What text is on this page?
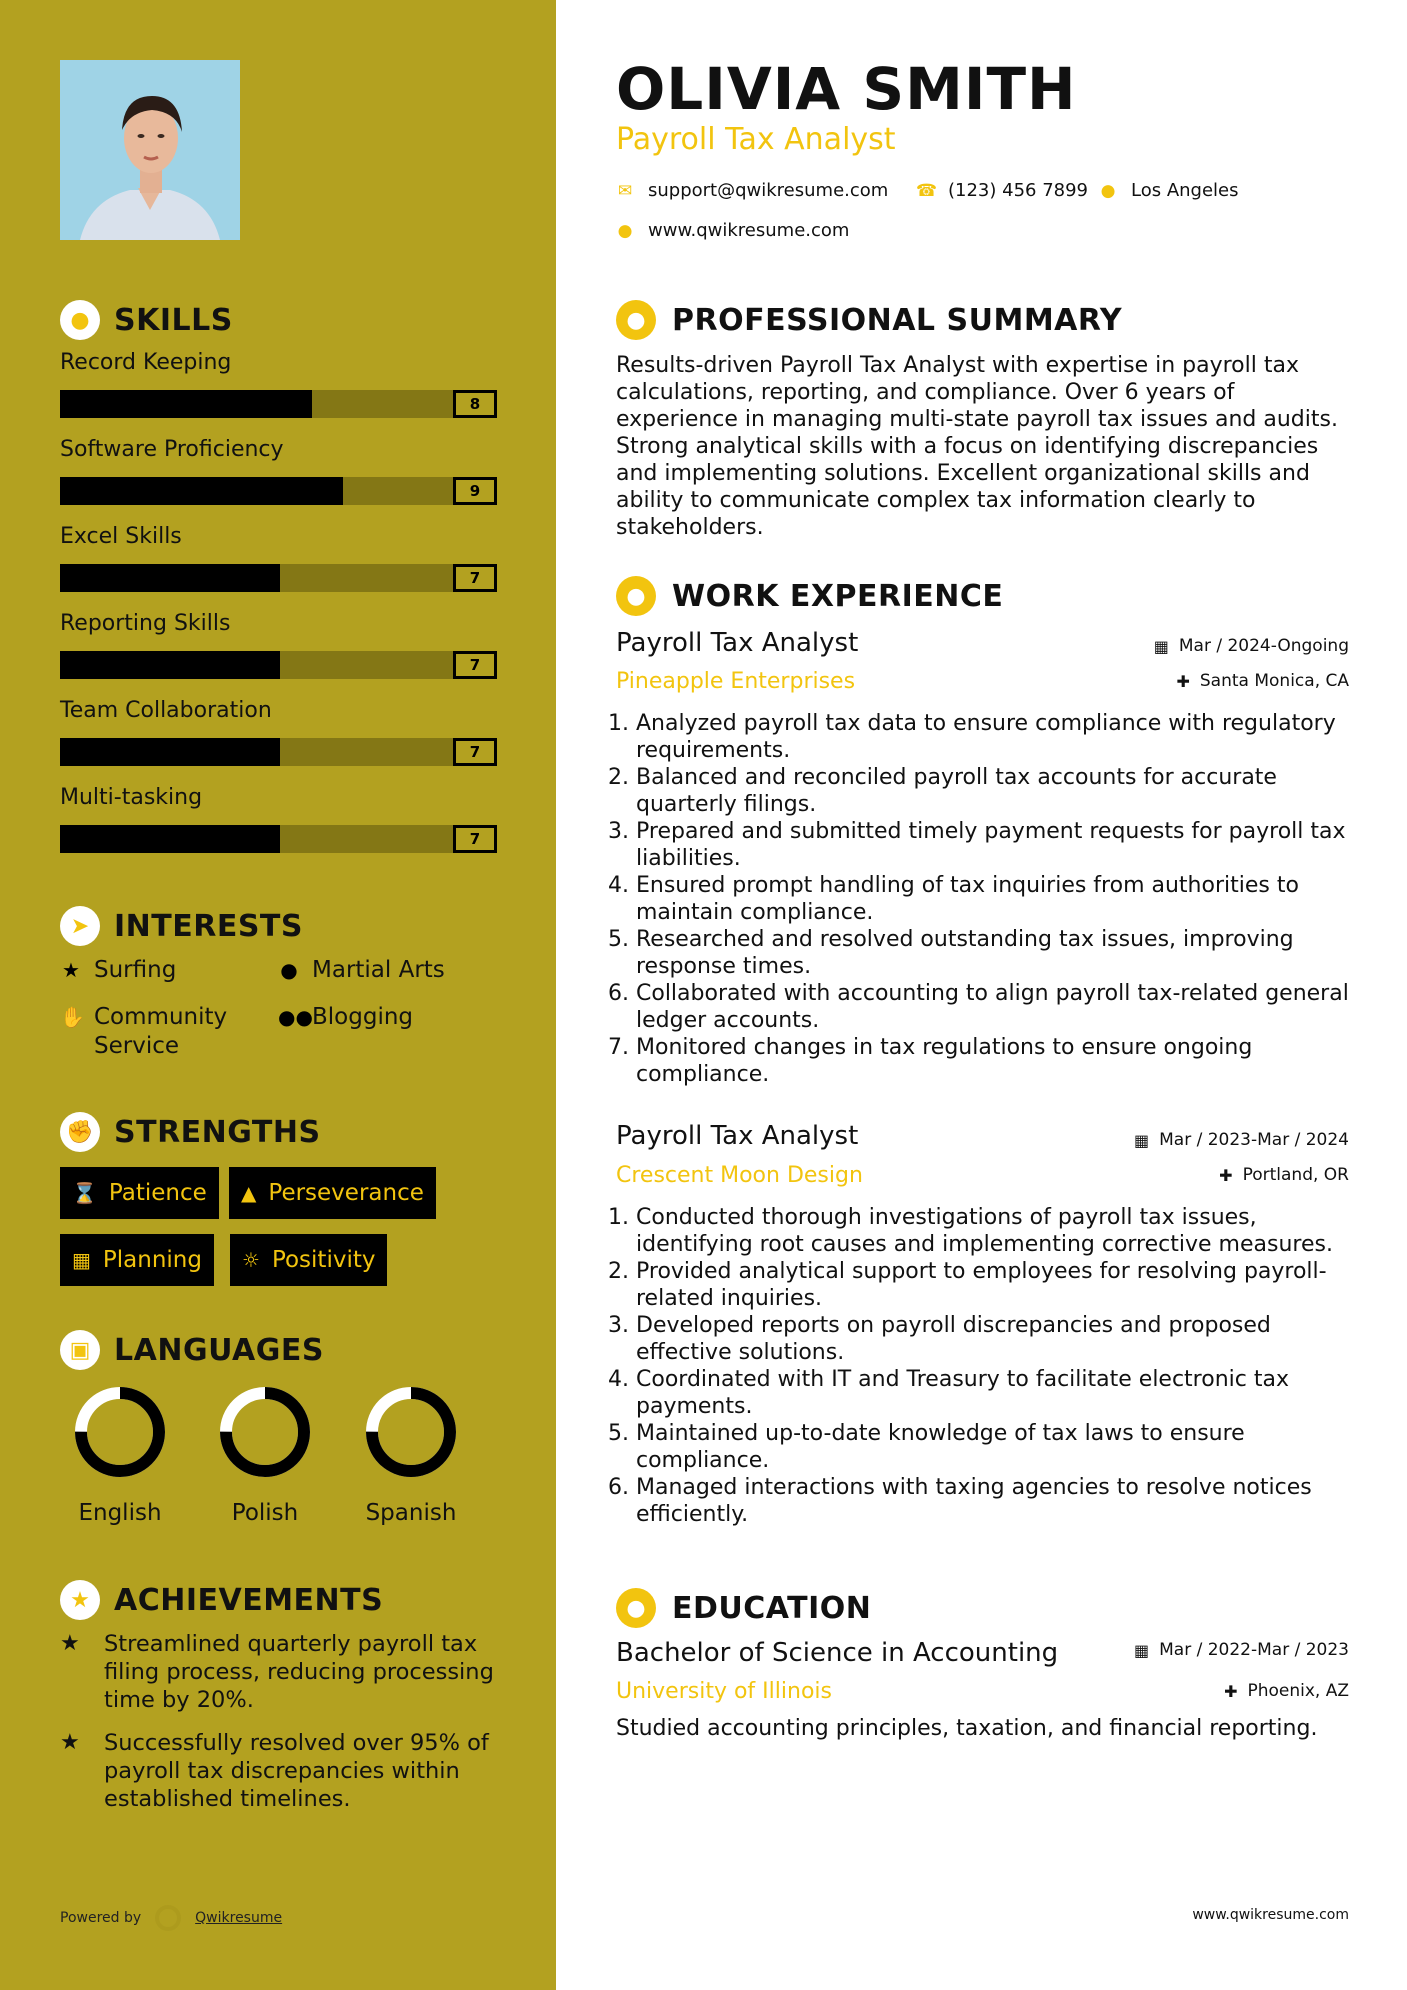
● SKILLS
Record Keeping
8
Software Proficiency
9
Excel Skills
7
Reporting Skills
7
Team Collaboration
7
Multi-tasking
7
➤ INTERESTS
★ Surfing	● Martial Arts
✋ Community Service
●● Blogging
✊ STRENGTHS
⌛ Patience ▲ Perseverance
▦ Planning ☼ Positivity
▣ LANGUAGES
English	Polish	Spanish
★ ACHIEVEMENTS
★	Streamlined quarterly payroll tax filing process, reducing processing time by 20%.
★	Successfully resolved over 95% of payroll tax discrepancies within established timelines.
Powered by	Qwikresume
OLIVIA SMITH
Payroll Tax Analyst
✉ support@qwikresume.com ☎ (123) 456 7899 ● Los Angeles
● www.qwikresume.com
● PROFESSIONAL SUMMARY
Results-driven Payroll Tax Analyst with expertise in payroll tax calculations, reporting, and compliance. Over 6 years of experience in managing multi-state payroll tax issues and audits. Strong analytical skills with a focus on identifying discrepancies and implementing solutions. Excellent organizational skills and ability to communicate complex tax information clearly to stakeholders.
● WORK EXPERIENCE
Payroll Tax Analyst
Pineapple Enterprises
▦ Mar / 2024-Ongoing
✚ Santa Monica, CA
1. Analyzed payroll tax data to ensure compliance with regulatory requirements.
2. Balanced and reconciled payroll tax accounts for accurate quarterly filings.
3. Prepared and submitted timely payment requests for payroll tax liabilities.
4. Ensured prompt handling of tax inquiries from authorities to maintain compliance.
5. Researched and resolved outstanding tax issues, improving response times.
6. Collaborated with accounting to align payroll tax-related general ledger accounts.
7. Monitored changes in tax regulations to ensure ongoing compliance.
Payroll Tax Analyst
Crescent Moon Design
▦ Mar / 2023-Mar / 2024
✚ Portland, OR
1. Conducted thorough investigations of payroll tax issues, identifying root causes and implementing corrective measures.
2. Provided analytical support to employees for resolving payroll-related inquiries.
3. Developed reports on payroll discrepancies and proposed effective solutions.
4. Coordinated with IT and Treasury to facilitate electronic tax payments.
5. Maintained up-to-date knowledge of tax laws to ensure compliance.
6. Managed interactions with taxing agencies to resolve notices efficiently.
● EDUCATION
Bachelor of Science in Accounting
University of Illinois
▦ Mar / 2022-Mar / 2023
✚ Phoenix, AZ
Studied accounting principles, taxation, and financial reporting.
www.qwikresume.com
